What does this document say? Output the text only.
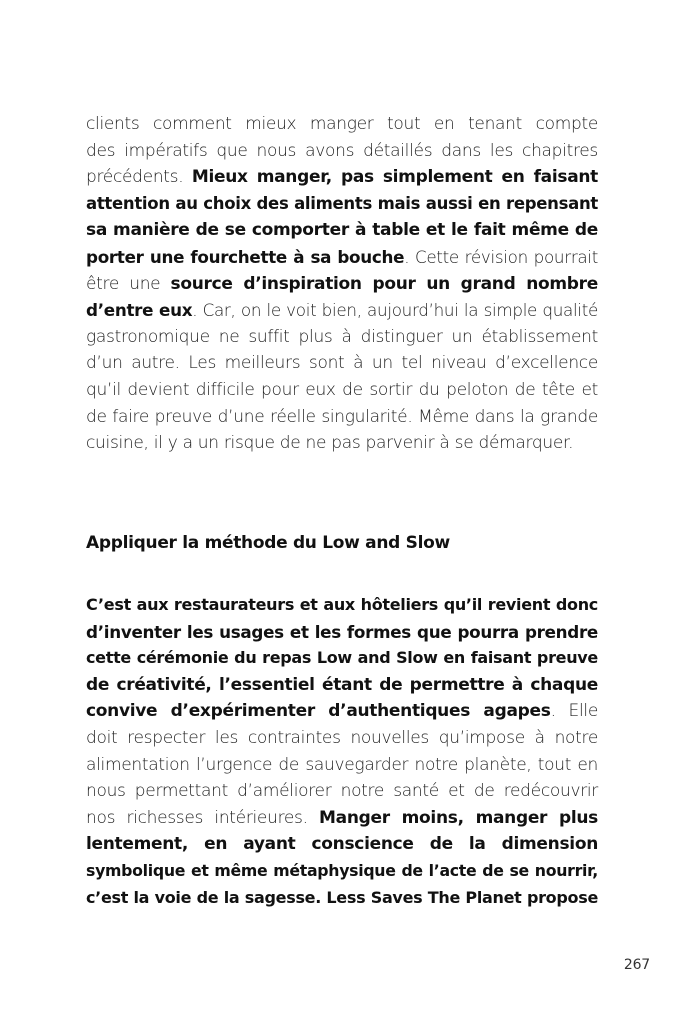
clients comment mieux manger tout en tenant compte
des impératifs que nous avons détaillés dans les chapitres
précédents. Mieux manger, pas simplement en faisant
attention au choix des aliments mais aussi en repensant
sa manière de se comporter à table et le fait même de
porter une fourchette à sa bouche. Cette révision pourrait
être une source d’inspiration pour un grand nombre
d’entre eux. Car, on le voit bien, aujourd’hui la simple qualité
gastronomique ne suffit plus à distinguer un établissement
d’un autre. Les meilleurs sont à un tel niveau d’excellence
qu’il devient difficile pour eux de sortir du peloton de tête et
de faire preuve d’une réelle singularité. Même dans la grande
cuisine, il y a un risque de ne pas parvenir à se démarquer.
Appliquer la méthode du Low and Slow
C’est aux restaurateurs et aux hôteliers qu’il revient donc
d’inventer les usages et les formes que pourra prendre
cette cérémonie du repas Low and Slow en faisant preuve
de créativité, l’essentiel étant de permettre à chaque
convive d’expérimenter d’authentiques agapes. Elle
doit respecter les contraintes nouvelles qu’impose à notre
alimentation l’urgence de sauvegarder notre planète, tout en
nous permettant d’améliorer notre santé et de redécouvrir
nos richesses intérieures. Manger moins, manger plus
lentement, en ayant conscience de la dimension
symbolique et même métaphysique de l’acte de se nourrir,
c’est la voie de la sagesse. Less Saves The Planet propose
267
